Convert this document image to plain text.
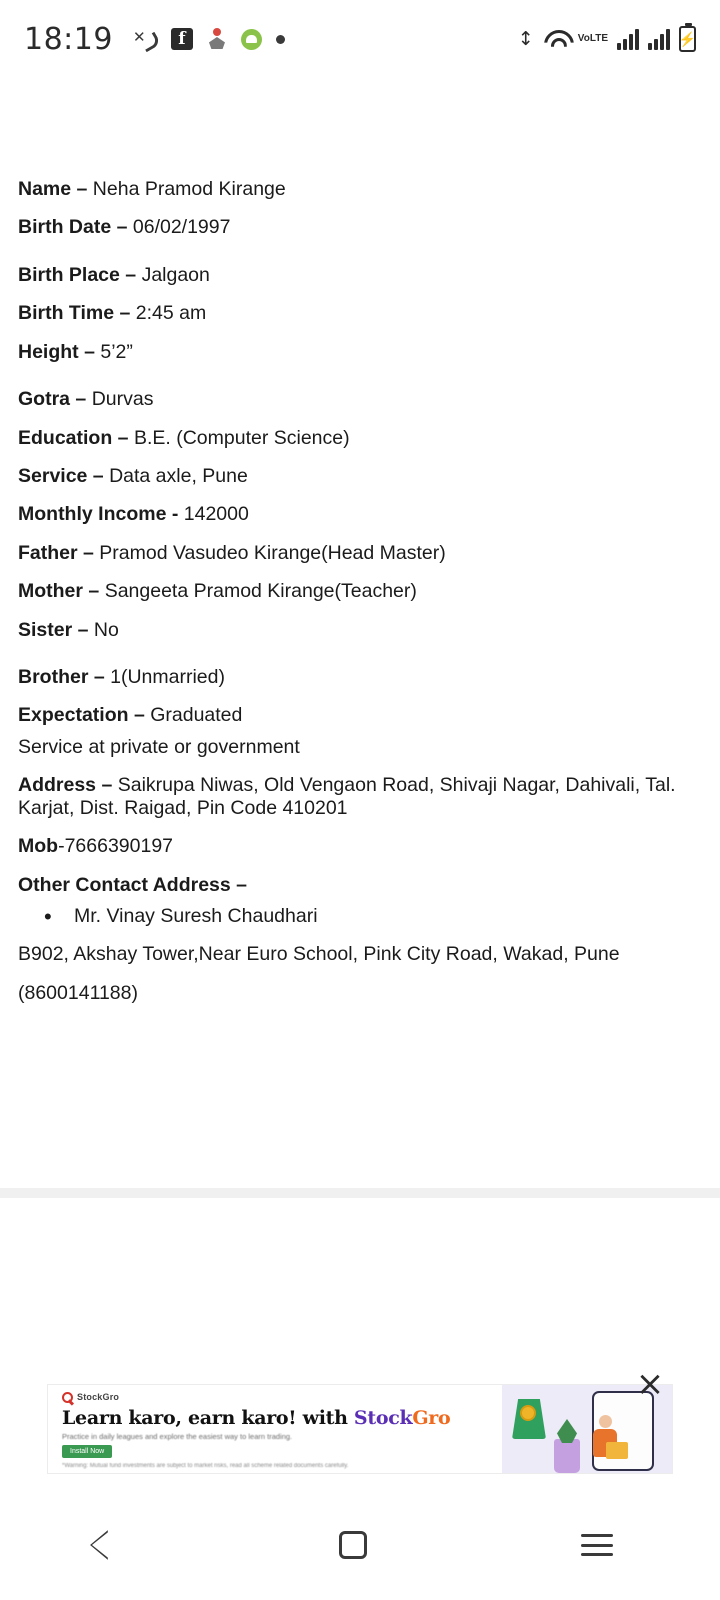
18:19 ✕	f	↕	Vo LTE	⚡

Name – Neha Pramod Kirange

Birth Date – 06/02/1997

Birth Place – Jalgaon

Birth Time – 2:45 am

Height – 5’2”

Gotra – Durvas

Education – B.E. (Computer Science)

Service – Data axle, Pune

Monthly Income - 142000

Father – Pramod Vasudeo Kirange(Head Master)

Mother – Sangeeta Pramod Kirange(Teacher)

Sister – No

Brother – 1(Unmarried)

Expectation – Graduated

Service at private or government

Address – Saikrupa Niwas, Old Vengaon Road, Shivaji Nagar, Dahivali, Tal. Karjat, Dist. Raigad, Pin Code 410201

Mob-7666390197

Other Contact Address –

• Mr. Vinay Suresh Chaudhari

B902, Akshay Tower,Near Euro School, Pink City Road, Wakad, Pune

(8600141188)

StockGro
Learn karo, earn karo! with StockGro
Practice in daily leagues and explore the easiest way to learn trading.
Install Now
*Warning: Mutual fund investments are subject to market risks, read all scheme related documents carefully.
×
